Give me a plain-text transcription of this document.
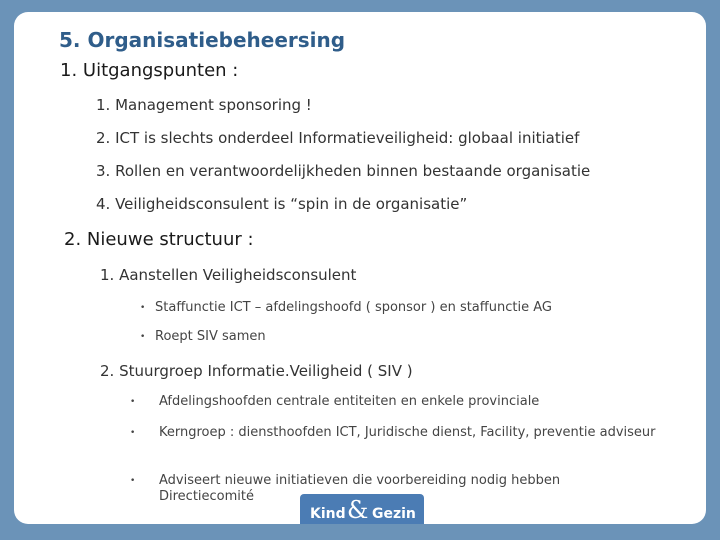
5. Organisatiebeheersing
1. Uitgangspunten :
1. Management sponsoring !
2. ICT is slechts onderdeel Informatieveiligheid: globaal initiatief
3. Rollen en verantwoordelijkheden binnen bestaande organisatie
4. Veiligheidsconsulent is “spin in de organisatie”
2. Nieuwe structuur :
1. Aanstellen Veiligheidsconsulent
• Staffunctie ICT – afdelingshoofd ( sponsor ) en staffunctie AG
• Roept SIV samen
2. Stuurgroep Informatie.Veiligheid ( SIV )
• Afdelingshoofden centrale entiteiten en enkele provinciale
• Kerngroep : diensthoofden ICT, Juridische dienst, Facility, preventie adviseur
• Adviseert nieuwe initiatieven die voorbereiding nodig hebben Directiecomité
Kind & Gezin
